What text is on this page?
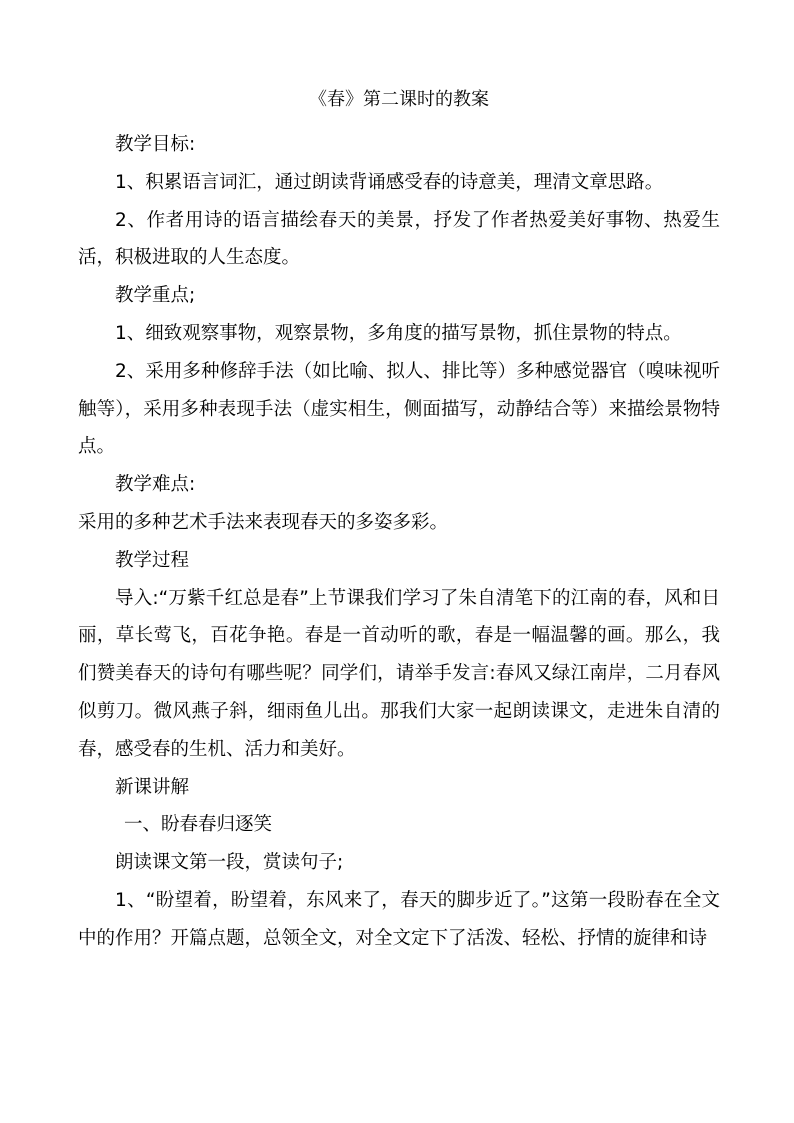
《春》第二课时的教案

教学目标:

1、积累语言词汇，通过朗读背诵感受春的诗意美，理清文章思路。

2、作者用诗的语言描绘春天的美景，抒发了作者热爱美好事物、热爱生活，积极进取的人生态度。

教学重点;

1、细致观察事物，观察景物，多角度的描写景物，抓住景物的特点。

2、采用多种修辞手法（如比喻、拟人、排比等）多种感觉器官（嗅味视听触等），采用多种表现手法（虚实相生，侧面描写，动静结合等）来描绘景物特点。

教学难点:

采用的多种艺术手法来表现春天的多姿多彩。

教学过程

导入:“万紫千红总是春”上节课我们学习了朱自清笔下的江南的春，风和日丽，草长莺飞，百花争艳。春是一首动听的歌，春是一幅温馨的画。那么，我们赞美春天的诗句有哪些呢？同学们，请举手发言:春风又绿江南岸，二月春风似剪刀。微风燕子斜，细雨鱼儿出。那我们大家一起朗读课文，走进朱自清的春，感受春的生机、活力和美好。

新课讲解

一、盼春春归逐笑

朗读课文第一段，赏读句子;

1、“盼望着，盼望着，东风来了，春天的脚步近了。”这第一段盼春在全文中的作用？开篇点题，总领全文，对全文定下了活泼、轻松、抒情的旋律和诗
